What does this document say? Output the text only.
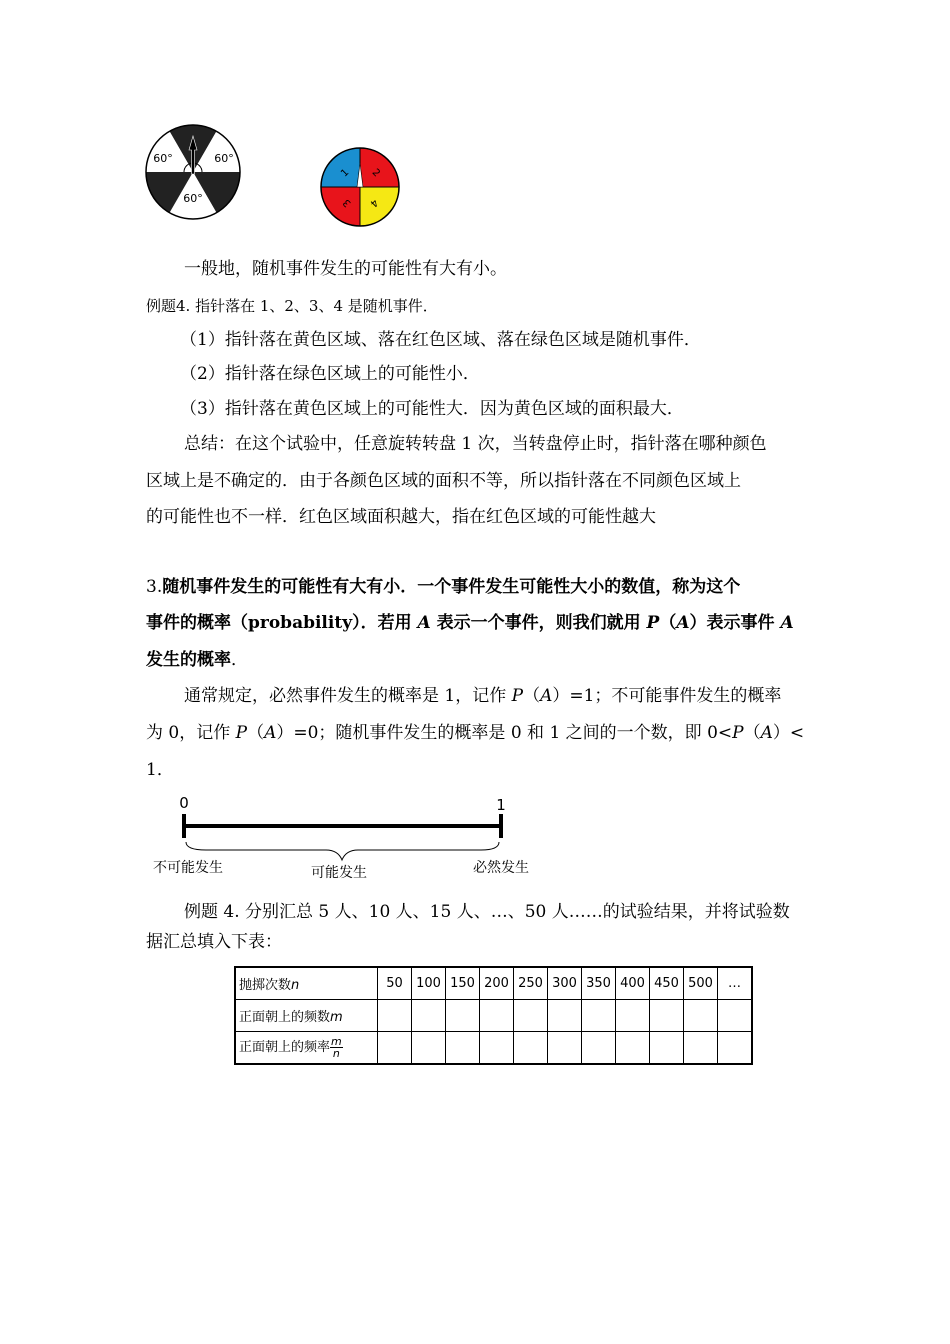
60°	60°
60°
1 2
3 4
一般地，随机事件发生的可能性有大有小。
例题4. 指针落在 1、2、3、4 是随机事件．
（1）指针落在黄色区域、落在红色区域、落在绿色区域是随机事件．
（2）指针落在绿色区域上的可能性小．
（3）指针落在黄色区域上的可能性大．因为黄色区域的面积最大．
总结：在这个试验中，任意旋转转盘 1 次，当转盘停止时，指针落在哪种颜色
区域上是不确定的．由于各颜色区域的面积不等，所以指针落在不同颜色区域上
的可能性也不一样．红色区域面积越大，指在红色区域的可能性越大
3.随机事件发生的可能性有大有小．一个事件发生可能性大小的数值，称为这个
事件的概率（probability）．若用 A 表示一个事件，则我们就用 P（A）表示事件 A
发生的概率．
通常规定，必然事件发生的概率是 1，记作 P（A）=1；不可能事件发生的概率
为 0，记作 P（A）=0；随机事件发生的概率是 0 和 1 之间的一个数，即 0<P（A）<
1．
0	1
不可能发生	可能发生	必然发生
例题 4. 分别汇总 5 人、10 人、15 人、…、50 人……的试验结果，并将试验数
据汇总填入下表：
抛掷次数n	50	100	150	200	250	300	350	400	450	500	…
正面朝上的频数m											
正面朝上的频率 $\frac{m}{n}$
